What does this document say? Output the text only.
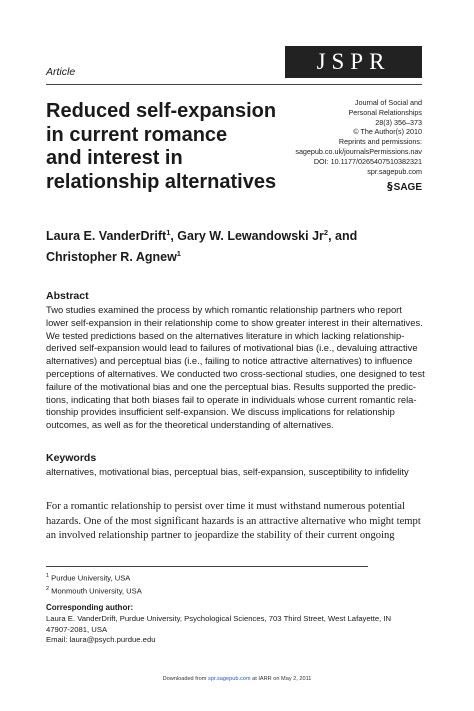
JSPR
Article
Reduced self-expansion
in current romance
and interest in
relationship alternatives
Journal of Social and
Personal Relationships
28(3) 356–373
© The Author(s) 2010
Reprints and permissions:
sagepub.co.uk/journalsPermissions.nav
DOI: 10.1177/0265407510382321
spr.sagepub.com
§SAGE
Laura E. VanderDrift$^1$, Gary W. Lewandowski Jr$^2$, and
Christopher R. Agnew$^1$
Abstract
Two studies examined the process by which romantic relationship partners who report
lower self-expansion in their relationship come to show greater interest in their alternatives.
We tested predictions based on the alternatives literature in which lacking relationship-
derived self-expansion would lead to failures of motivational bias (i.e., devaluing attractive
alternatives) and perceptual bias (i.e., failing to notice attractive alternatives) to influence
perceptions of alternatives. We conducted two cross-sectional studies, one designed to test
failure of the motivational bias and one the perceptual bias. Results supported the predic-
tions, indicating that both biases fail to operate in individuals whose current romantic rela-
tionship provides insufficient self-expansion. We discuss implications for relationship
outcomes, as well as for the theoretical understanding of alternatives.
Keywords
alternatives, motivational bias, perceptual bias, self-expansion, susceptibility to infidelity
For a romantic relationship to persist over time it must withstand numerous potential
hazards. One of the most significant hazards is an attractive alternative who might tempt
an involved relationship partner to jeopardize the stability of their current ongoing
$^1$ Purdue University, USA
$^2$ Monmouth University, USA
Corresponding author:
Laura E. VanderDrift, Purdue University, Psychological Sciences, 703 Third Street, West Lafayette, IN
47907-2081, USA
Email: laura@psych.purdue.edu
Downloaded from spr.sagepub.com at IARR on May 2, 2011
